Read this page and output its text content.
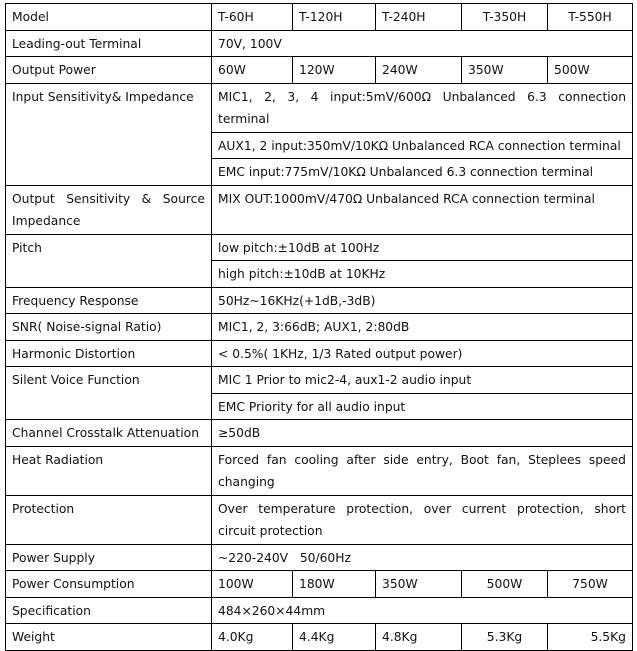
Model	T-60H	T-120H	T-240H	T-350H	T-550H
Leading-out Terminal	70V, 100V				
Output Power	60W	120W	240W	350W	500W
Input Sensitivity& Impedance	MIC1, 2, 3, 4 input:5mV/600Ω Unbalanced 6.3 connection terminal				
	AUX1, 2 input:350mV/10KΩ Unbalanced RCA connection terminal				
	EMC input:775mV/10KΩ Unbalanced 6.3 connection terminal				
Output Sensitivity & Source Impedance	MIX OUT:1000mV/470Ω Unbalanced RCA connection terminal				
Pitch	low pitch:±10dB at 100Hz				
	high pitch:±10dB at 10KHz				
Frequency Response	50Hz~16KHz(+1dB,-3dB)				
SNR( Noise-signal Ratio)	MIC1, 2, 3:66dB; AUX1, 2:80dB				
Harmonic Distortion	< 0.5%( 1KHz, 1/3 Rated output power)				
Silent Voice Function	MIC 1 Prior to mic2-4, aux1-2 audio input				
	EMC Priority for all audio input				
Channel Crosstalk Attenuation	≥50dB				
Heat Radiation	Forced fan cooling after side entry, Boot fan, Steplees speed changing				
Protection	Over temperature protection, over current protection, short circuit protection				
Power Supply	~220-240V   50/60Hz				
Power Consumption	100W	180W	350W	500W	750W
Specification	484×260×44mm				
Weight	4.0Kg	4.4Kg	4.8Kg	5.3Kg	5.5Kg
